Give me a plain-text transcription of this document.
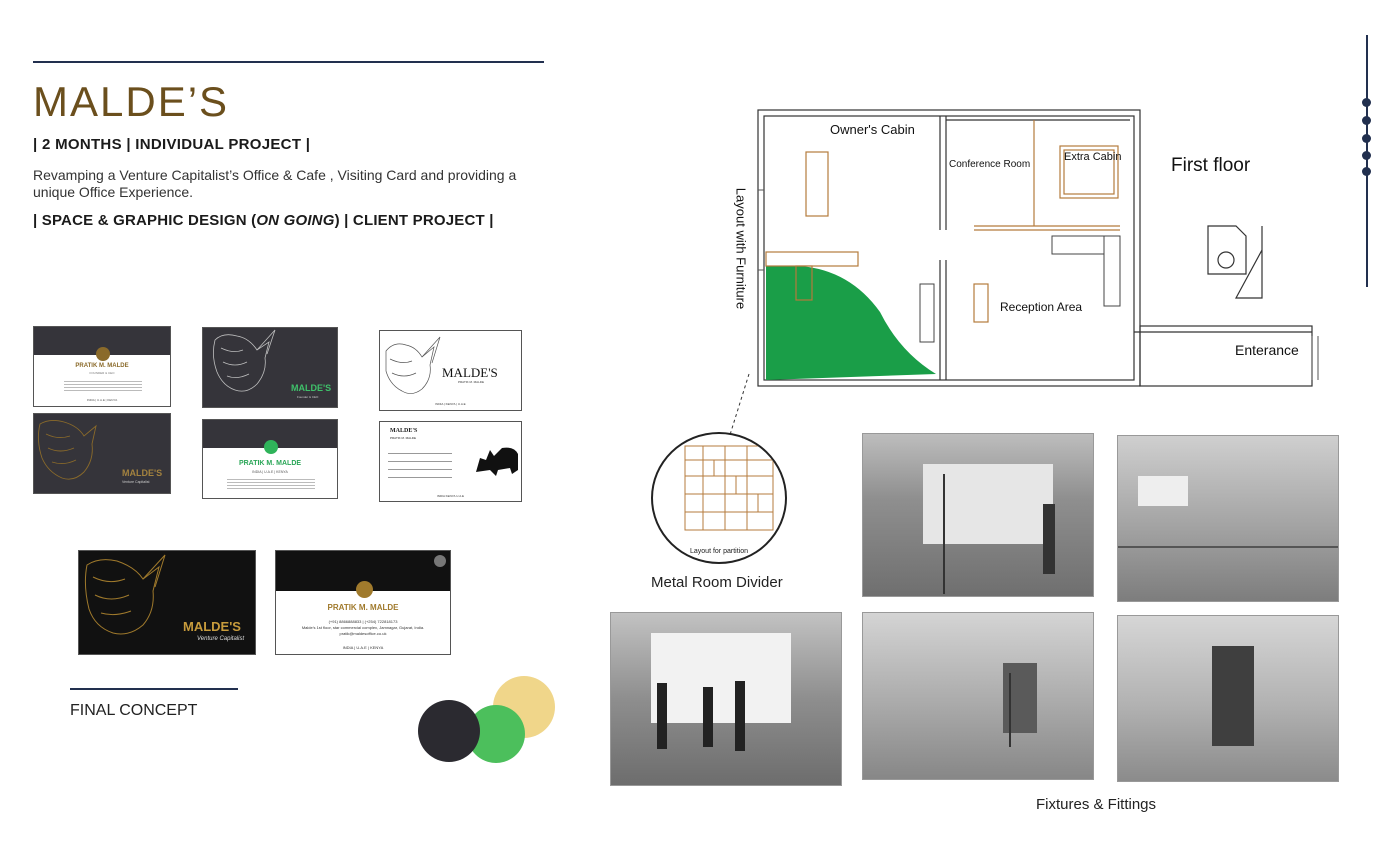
MALDE’S
| 2 MONTHS | INDIVIDUAL PROJECT |
Revamping a Venture Capitalist’s Office & Cafe , Visiting Card and providing a unique Office Experience.
| SPACE & GRAPHIC DESIGN (ON GOING) | CLIENT PROJECT |
PRATIK M. MALDE
FOUNDER & CEO
INDIA | U.A.E | KENYA
MALDE'S
Founder & CEO
MALDE'S
PRATIK M. MALDE
INDIA | KENYA | U.A.E
MALDE'S
Venture Capitalist
PRATIK M. MALDE
INDIA | U.A.E | KENYA
MALDE'S
PRATIK M. MALDE
INDIA KENYA U.A.E
MALDE'S
Venture Capitalist
PRATIK M. MALDE
(+91) 8866888833 | (+254) 722818173
Malde's 1st floor, star commercial complex, Jamnagar, Gujarat, India.
pratik@maldesoffice.co.uk
INDIA | U.A.E | KENYA
FINAL CONCEPT
Owner's Cabin
Conference Room
Extra Cabin	First floor
Reception Area
Enterance
Layout with Furniture
Layout for partition
Metal Room Divider
Fixtures & Fittings
